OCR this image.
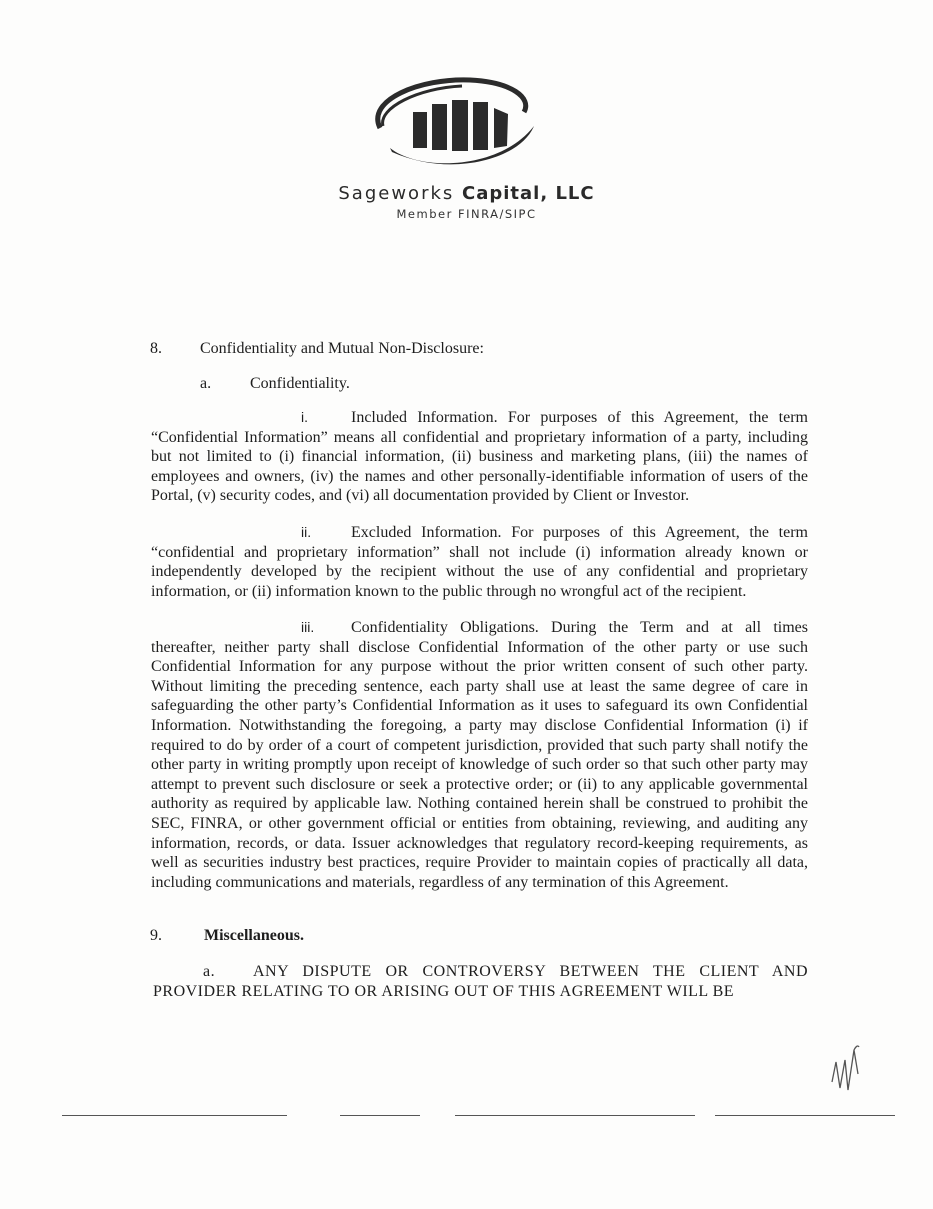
Sageworks Capital, LLC
Member FINRA/SIPC
8. Confidentiality and Mutual Non-Disclosure:
a. Confidentiality.
i.	Included Information. For purposes of this Agreement, the term “Confidential Information” means all confidential and proprietary information of a party, including but not limited to (i) financial information, (ii) business and marketing plans, (iii) the names of employees and owners, (iv) the names and other personally-identifiable information of users of the Portal, (v) security codes, and (vi) all documentation provided by Client or Investor.
ii. Excluded Information. For purposes of this Agreement, the term “confidential and proprietary information” shall not include (i) information already known or independently developed by the recipient without the use of any confidential and proprietary information, or (ii) information known to the public through no wrongful act of the recipient.
iii. Confidentiality Obligations. During the Term and at all times thereafter, neither party shall disclose Confidential Information of the other party or use such Confidential Information for any purpose without the prior written consent of such other party. Without limiting the preceding sentence, each party shall use at least the same degree of care in safeguarding the other party’s Confidential Information as it uses to safeguard its own Confidential Information. Notwithstanding the foregoing, a party may disclose Confidential Information (i) if required to do by order of a court of competent jurisdiction, provided that such party shall notify the other party in writing promptly upon receipt of knowledge of such order so that such other party may attempt to prevent such disclosure or seek a protective order; or (ii) to any applicable governmental authority as required by applicable law. Nothing contained herein shall be construed to prohibit the SEC, FINRA, or other government official or entities from obtaining, reviewing, and auditing any information, records, or data. Issuer acknowledges that regulatory record-keeping requirements, as well as securities industry best practices, require Provider to maintain copies of practically all data, including communications and materials, regardless of any termination of this Agreement.
9.	Miscellaneous.
a. ANY DISPUTE OR CONTROVERSY BETWEEN THE CLIENT AND PROVIDER RELATING TO OR ARISING OUT OF THIS AGREEMENT WILL BE
